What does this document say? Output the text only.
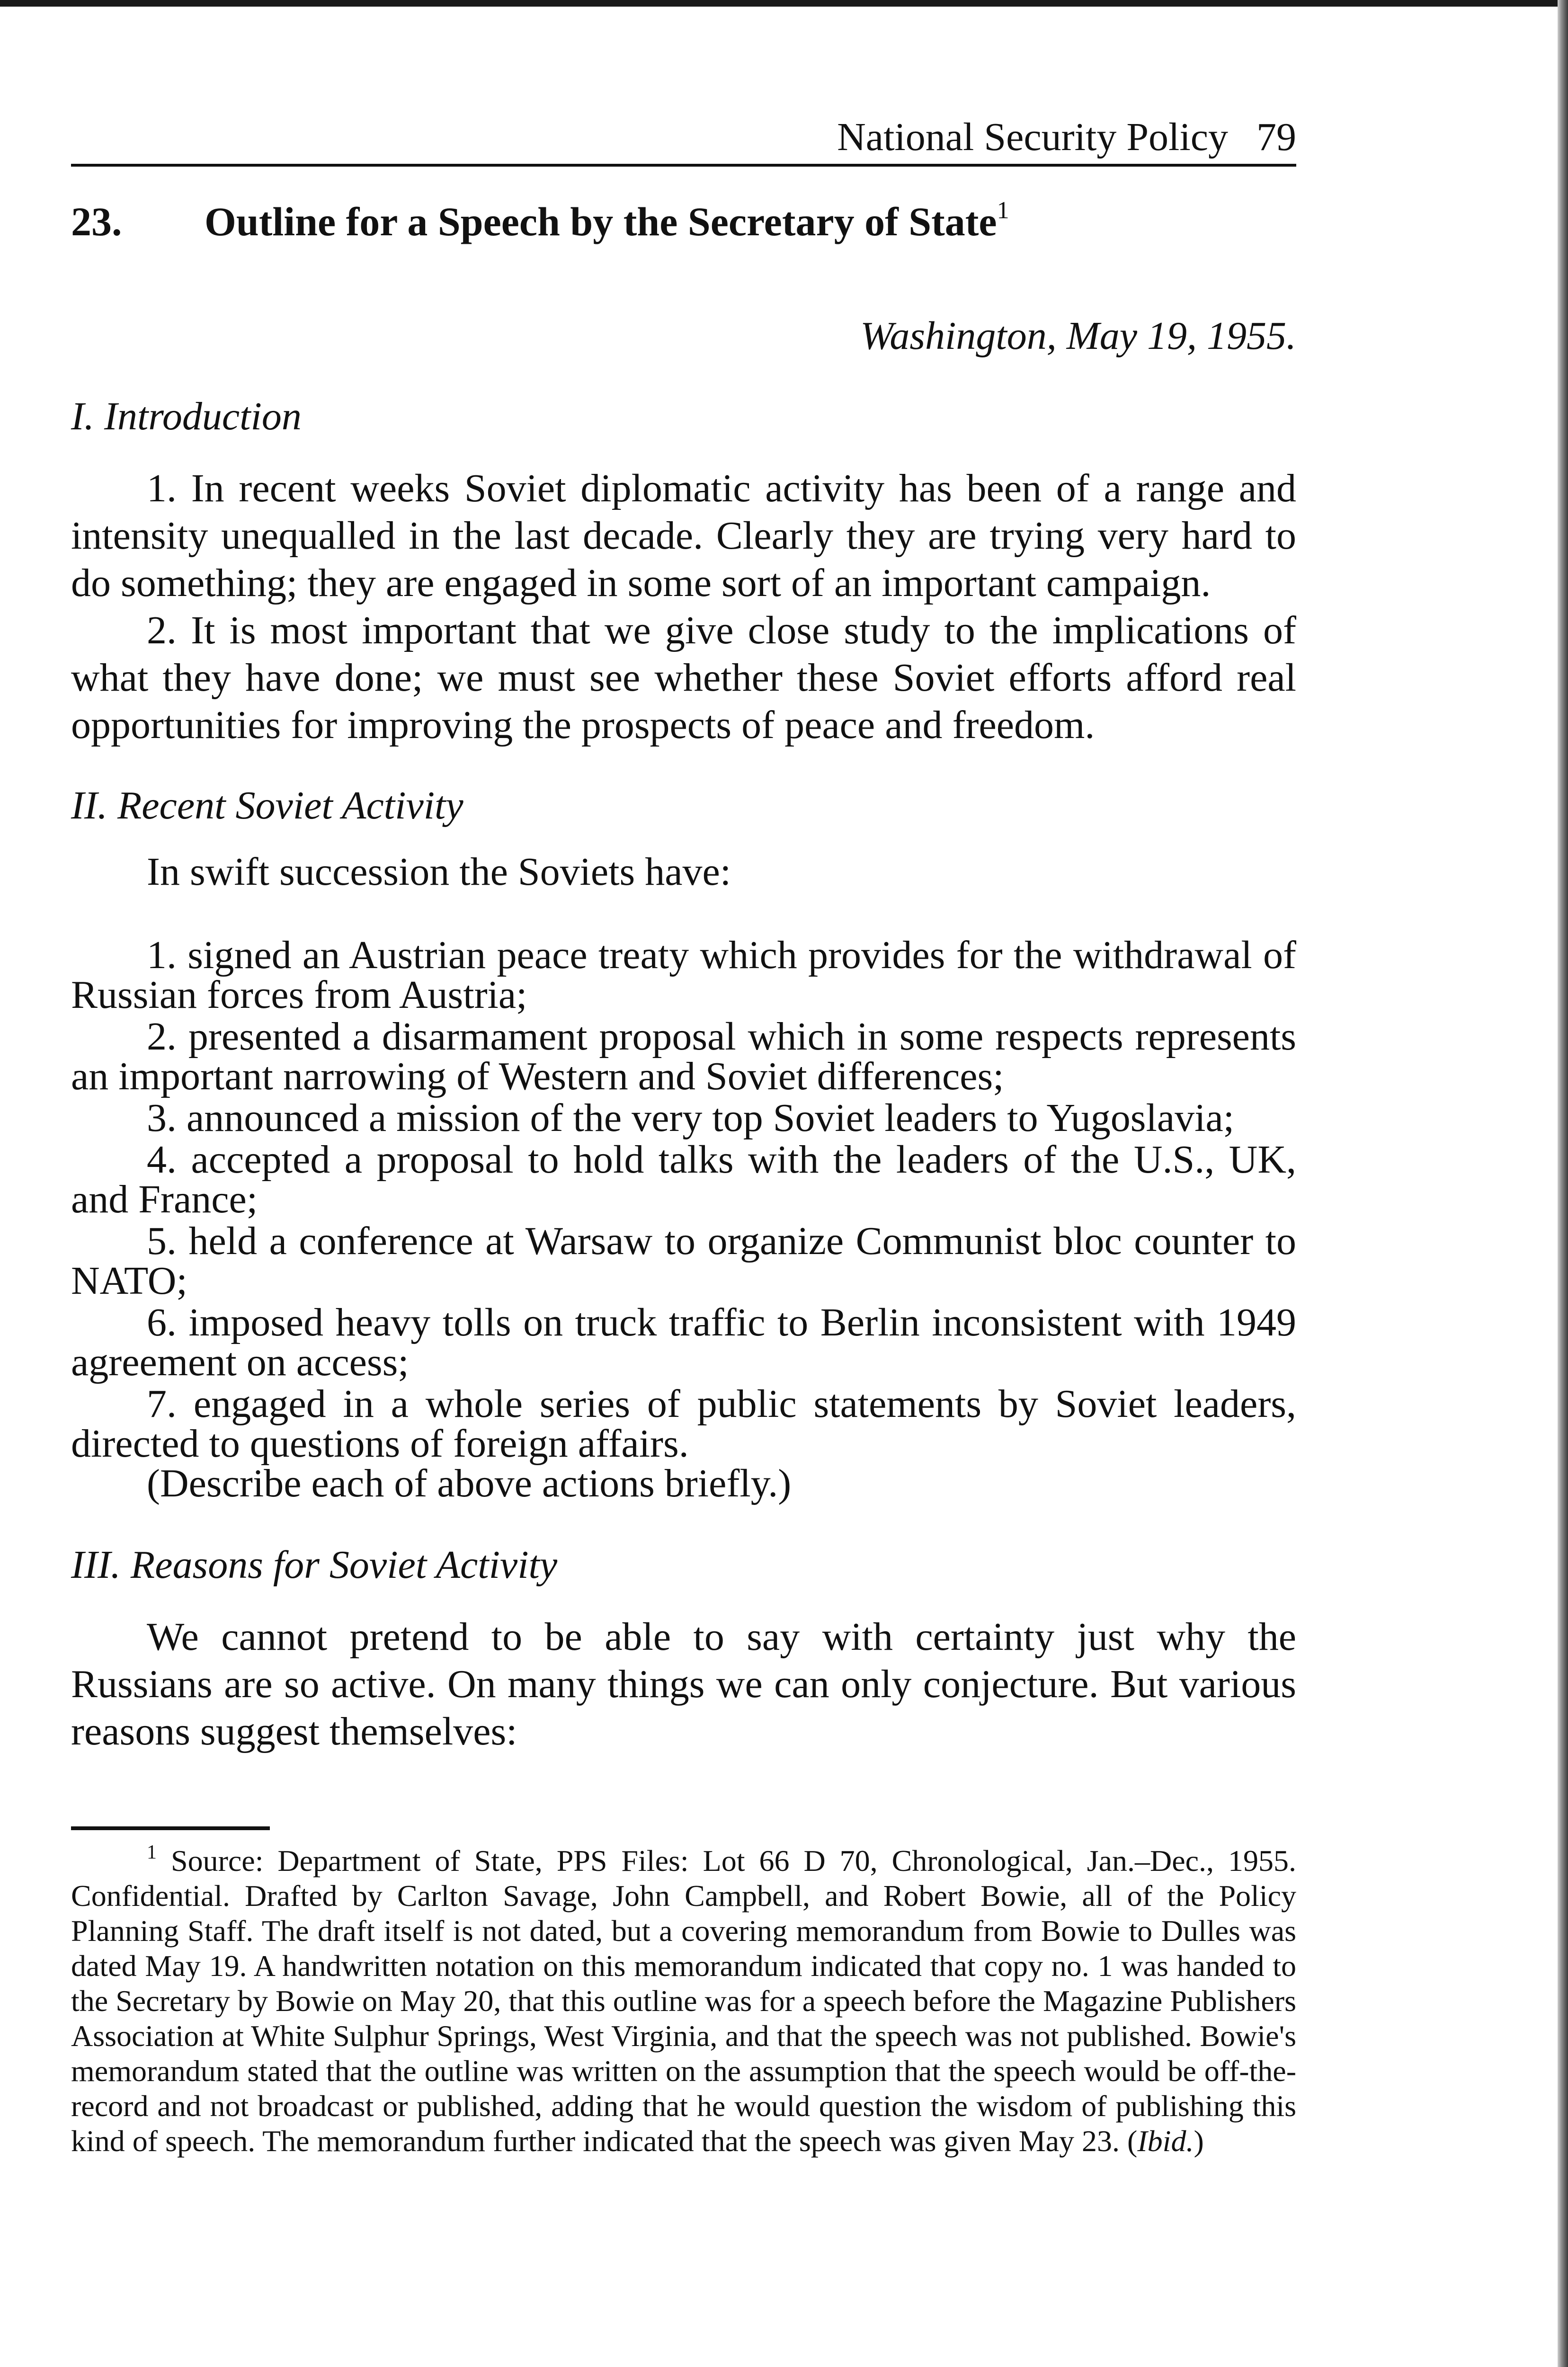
National Security Policy 79
23. Outline for a Speech by the Secretary of State$^1$
Washington, May 19, 1955.
I. Introduction

1. In recent weeks Soviet diplomatic activity has been of a range and intensity unequalled in the last decade. Clearly they are trying very hard to do something; they are engaged in some sort of an important campaign.

2. It is most important that we give close study to the implications of what they have done; we must see whether these Soviet efforts afford real opportunities for improving the prospects of peace and freedom.

II. Recent Soviet Activity

In swift succession the Soviets have:

1. signed an Austrian peace treaty which provides for the withdrawal of Russian forces from Austria;

2. presented a disarmament proposal which in some respects represents an important narrowing of Western and Soviet differences;

3. announced a mission of the very top Soviet leaders to Yugoslavia;

4. accepted a proposal to hold talks with the leaders of the U.S., UK, and France;

5. held a conference at Warsaw to organize Communist bloc counter to NATO;

6. imposed heavy tolls on truck traffic to Berlin inconsistent with 1949 agreement on access;

7. engaged in a whole series of public statements by Soviet leaders, directed to questions of foreign affairs.

(Describe each of above actions briefly.)

III. Reasons for Soviet Activity

We cannot pretend to be able to say with certainty just why the Russians are so active. On many things we can only conjecture. But various reasons suggest themselves:

$^1$ Source: Department of State, PPS Files: Lot 66 D 70, Chronological, Jan.–Dec., 1955. Confidential. Drafted by Carlton Savage, John Campbell, and Robert Bowie, all of the Policy Planning Staff. The draft itself is not dated, but a covering memorandum from Bowie to Dulles was dated May 19. A handwritten notation on this memorandum indicated that copy no. 1 was handed to the Secretary by Bowie on May 20, that this outline was for a speech before the Magazine Publishers Association at White Sulphur Springs, West Virginia, and that the speech was not published. Bowie's memorandum stated that the outline was written on the assumption that the speech would be off-the-record and not broadcast or published, adding that he would question the wisdom of publishing this kind of speech. The memorandum further indicated that the speech was given May 23. (Ibid.)
